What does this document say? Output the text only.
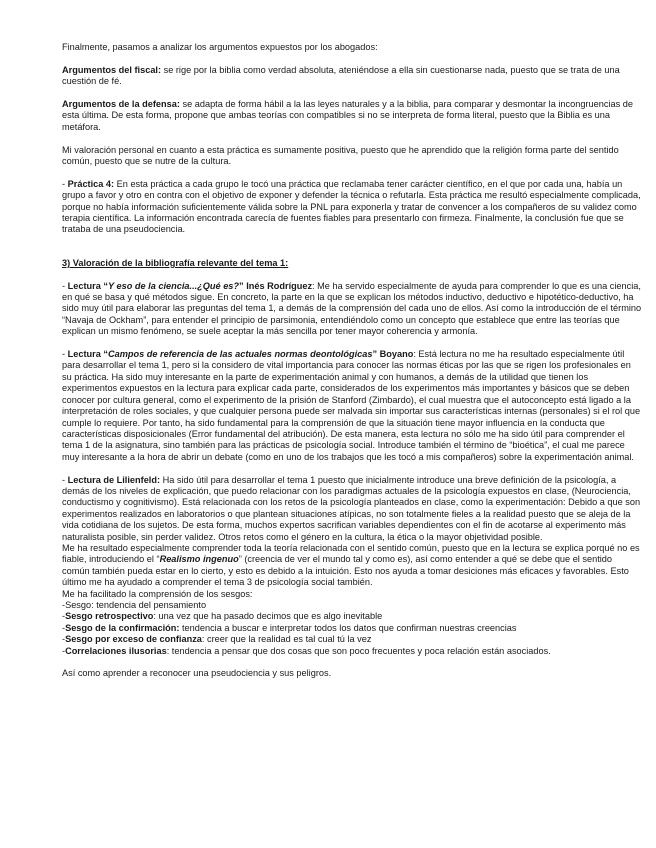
Finalmente, pasamos a analizar los argumentos expuestos por los abogados:

Argumentos del fiscal: se rige por la biblia como verdad absoluta, ateniéndose a ella sin cuestionarse nada, puesto que se trata de una cuestión de fé.

Argumentos de la defensa: se adapta de forma hábil a la las leyes naturales y a la biblia, para comparar y desmontar la incongruencias de esta última. De esta forma, propone que ambas teorías con compatibles si no se interpreta de forma literal, puesto que la Biblia es una metáfora.

Mi valoración personal en cuanto a esta práctica es sumamente positiva, puesto que he aprendido que la religión forma parte del sentido común, puesto que se nutre de la cultura.

- Práctica 4: En esta práctica a cada grupo le tocó una práctica que reclamaba tener carácter científico, en el que por cada una, había un grupo a favor y otro en contra con el objetivo de exponer y defender la técnica o refutarla. Esta práctica me resultó especialmente complicada, porque no había información suficientemente válida sobre la PNL para exponerla y tratar de convencer a los compañeros de su validez como terapia científica. La información encontrada carecía de fuentes fiables para presentarlo con firmeza. Finalmente, la conclusión fue que se trataba de una pseudociencia.

3) Valoración de la bibliografía relevante del tema 1:

- Lectura “Y eso de la ciencia...¿Qué es?” Inés Rodríguez: Me ha servido especialmente de ayuda para comprender lo que es una ciencia, en qué se basa y qué métodos sigue. En concreto, la parte en la que se explican los métodos inductivo, deductivo e hipotético-deductivo, ha sido muy útil para elaborar las preguntas del tema 1, a demás de la comprensión del cada uno de ellos. Así como la introducción de el término “Navaja de Ockham”, para entender el principio de parsimonia, entendiéndolo como un concepto que establece que entre las teorías que explican un mismo fenómeno, se suele aceptar la más sencilla por tener mayor coherencia y armonía.

- Lectura “Campos de referencia de las actuales normas deontológicas” Boyano: Está lectura no me ha resultado especialmente útil para desarrollar el tema 1, pero si la considero de vital importancia para conocer las normas éticas por las que se rigen los profesionales en su práctica. Ha sido muy interesante en la parte de experimentación animal y con humanos, a demás de la utilidad que tienen los experimentos expuestos en la lectura para explicar cada parte, considerados de los experimentos más importantes y básicos que se deben conocer por cultura general, como el experimento de la prisión de Stanford (Zimbardo), el cual muestra que el autoconcepto está ligado a la interpretación de roles sociales, y que cualquier persona puede ser malvada sin importar sus características internas (personales) si el rol que cumple lo requiere. Por tanto, ha sido fundamental para la comprensión de que la situación tiene mayor influencia en la conducta que características disposicionales (Error fundamental del atribución). De esta manera, esta lectura no sólo me ha sido útil para comprender el tema 1 de la asignatura, sino también para las prácticas de psicología social. Introduce también el término de “bioética”, el cual me parece muy interesante a la hora de abrir un debate (como en uno de los trabajos que les tocó a mis compañeros) sobre la experimentación animal.

- Lectura de Lilienfeld: Ha sido útil para desarrollar el tema 1 puesto que inicialmente introduce una breve definición de la psicología, a demás de los niveles de explicación, que puedo relacionar con los paradigmas actuales de la psicología expuestos en clase, (Neurociencia, conductismo y cognitivismo). Está relacionada con los retos de la psicología planteados en clase, como la experimentación: Debido a que son experimentos realizados en laboratorios o que plantean situaciones atípicas, no son totalmente fieles a la realidad puesto que se aleja de la vida cotidiana de los sujetos. De esta forma, muchos expertos sacrifican variables dependientes con el fin de acotarse al experimento más naturalista posible, sin perder validez. Otros retos como el género en la cultura, la ética o la mayor objetividad posible.

Me ha resultado especialmente comprender toda la teoría relacionada con el sentido común, puesto que en la lectura se explica porqué no es fiable, introduciendo el “Realismo ingenuo” (creencia de ver el mundo tal y como es), así como entender a qué se debe que el sentido común también pueda estar en lo cierto, y esto es debido a la intuición. Esto nos ayuda a tomar desiciones más eficaces y favorables. Esto último me ha ayudado a comprender el tema 3 de psicología social también.

Me ha facilitado la comprensión de los sesgos:

-Sesgo: tendencia del pensamiento
-Sesgo retrospectivo: una vez que ha pasado decimos que es algo inevitable
-Sesgo de la confirmación: tendencia a buscar e interpretar todos los datos que confirman nuestras creencias
-Sesgo por exceso de confianza: creer que la realidad es tal cual tú la vez
-Correlaciones ilusorias: tendencia a pensar que dos cosas que son poco frecuentes y poca relación están asociados.

Así como aprender a reconocer una pseudociencia y sus peligros.
